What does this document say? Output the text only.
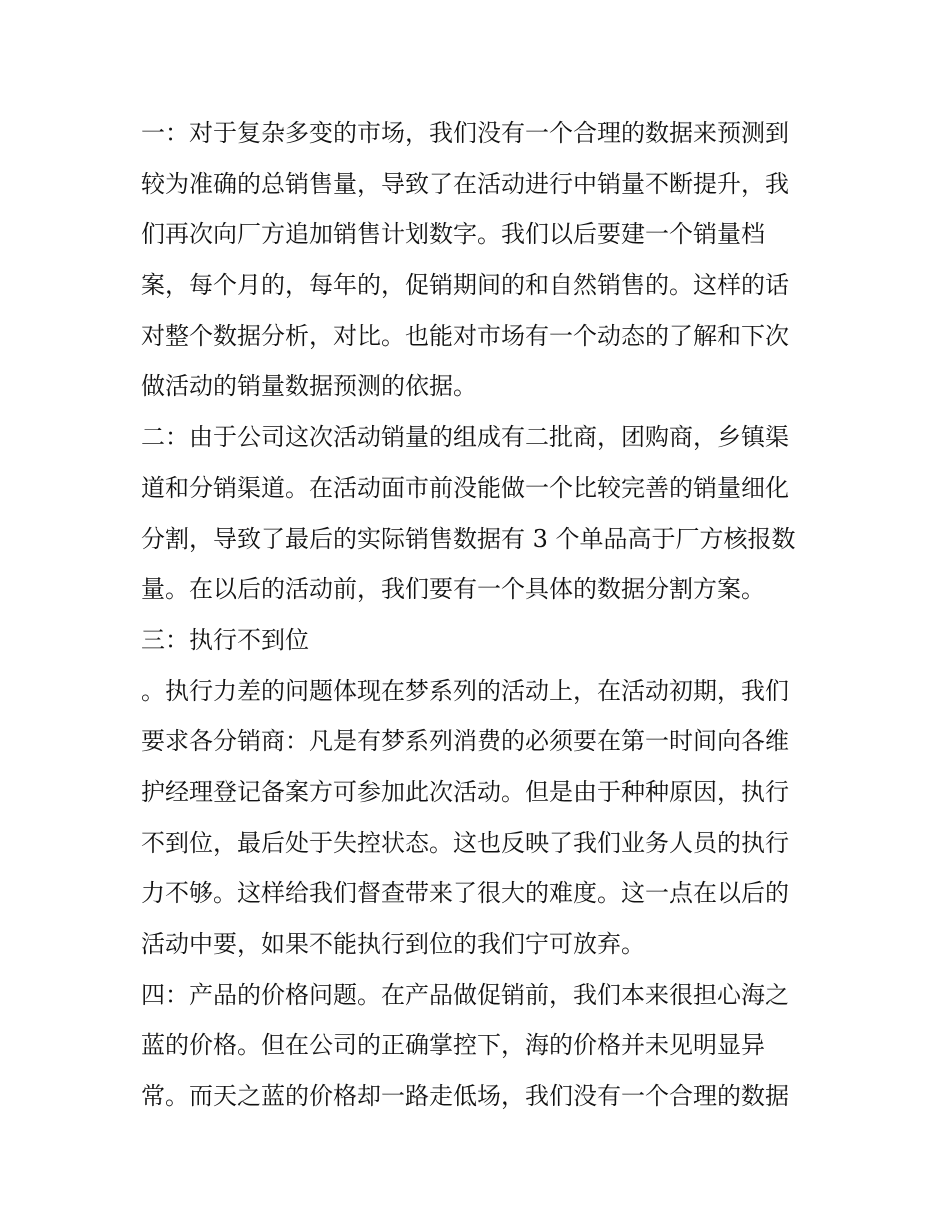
一：对于复杂多变的市场，我们没有一个合理的数据来预测到
较为准确的总销售量，导致了在活动进行中销量不断提升，我
们再次向厂方追加销售计划数字。我们以后要建一个销量档
案，每个月的，每年的，促销期间的和自然销售的。这样的话
对整个数据分析，对比。也能对市场有一个动态的了解和下次
做活动的销量数据预测的依据。
二：由于公司这次活动销量的组成有二批商，团购商，乡镇渠
道和分销渠道。在活动面市前没能做一个比较完善的销量细化
分割，导致了最后的实际销售数据有 3 个单品高于厂方核报数
量。在以后的活动前，我们要有一个具体的数据分割方案。
三：执行不到位
。执行力差的问题体现在梦系列的活动上，在活动初期，我们
要求各分销商：凡是有梦系列消费的必须要在第一时间向各维
护经理登记备案方可参加此次活动。但是由于种种原因，执行
不到位，最后处于失控状态。这也反映了我们业务人员的执行
力不够。这样给我们督查带来了很大的难度。这一点在以后的
活动中要，如果不能执行到位的我们宁可放弃。
四：产品的价格问题。在产品做促销前，我们本来很担心海之
蓝的价格。但在公司的正确掌控下，海的价格并未见明显异
常。而天之蓝的价格却一路走低场，我们没有一个合理的数据
